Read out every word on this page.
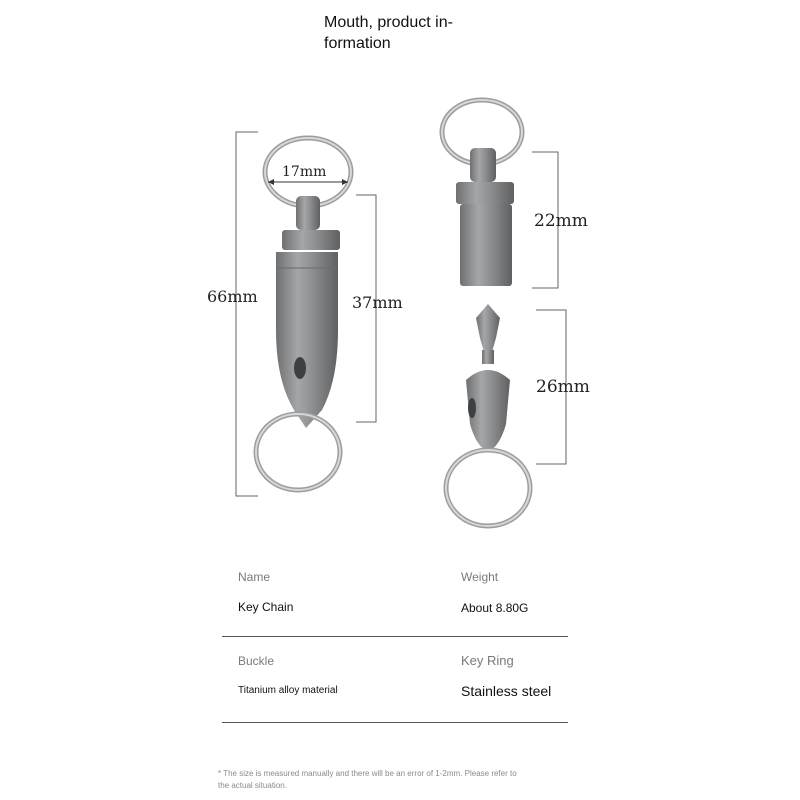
Mouth, product in-
formation
17mm
66mm	37mm
22mm
26mm
Name
Key Chain
Weight
About 8.80G
Buckle
Titanium alloy material
Key Ring
Stainless steel
* The size is measured manually and there will be an error of 1-2mm. Please refer to
the actual situation.
